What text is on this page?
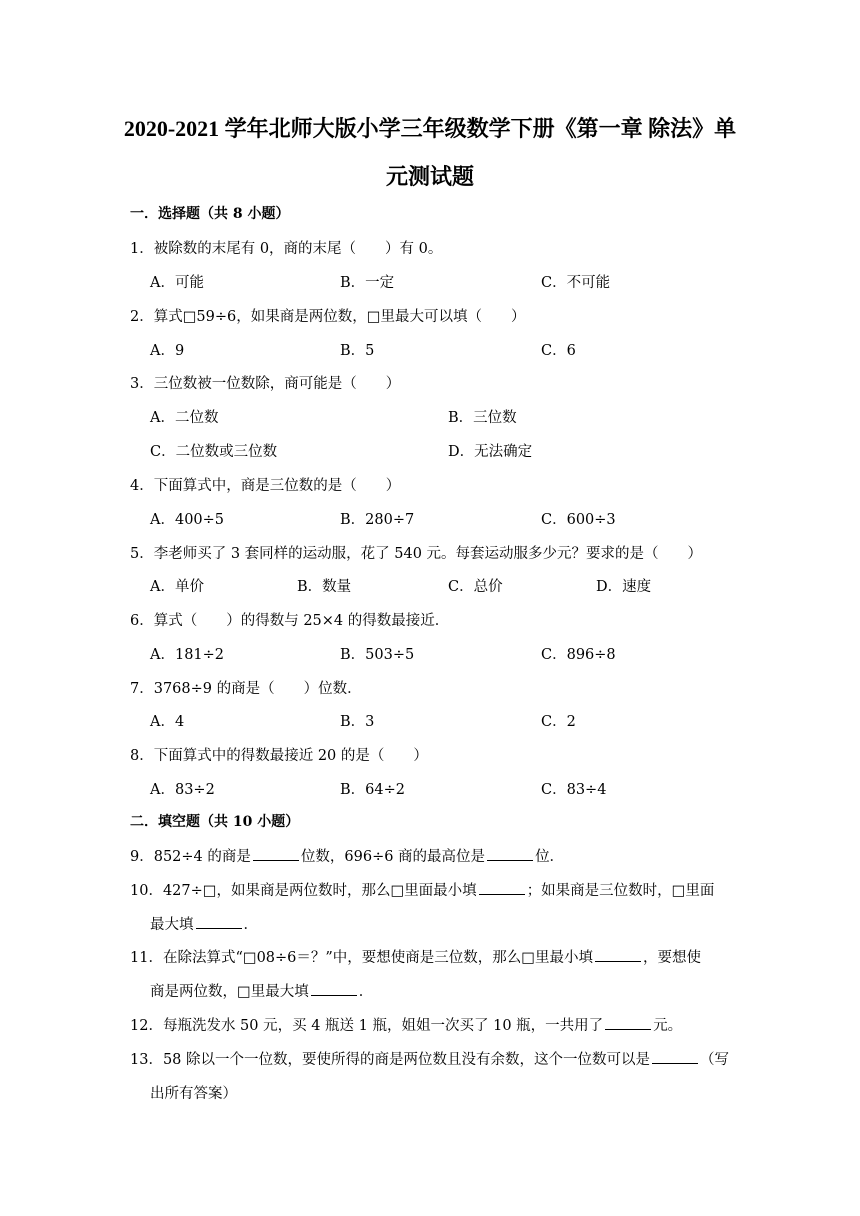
2020-2021 学年北师大版小学三年级数学下册《第一章 除法》单
元测试题
一．选择题（共 8 小题）
1．被除数的末尾有 0，商的末尾（　　）有 0。
A．可能	B．一定	C．不可能
2．算式□59÷6，如果商是两位数，□里最大可以填（　　）
A．9	B．5	C．6
3．三位数被一位数除，商可能是（　　）
A．二位数	B．三位数
C．二位数或三位数	D．无法确定
4．下面算式中，商是三位数的是（　　）
A．400÷5	B．280÷7	C．600÷3
5．李老师买了 3 套同样的运动服，花了 540 元。每套运动服多少元？要求的是（　　）
A．单价	B．数量	C．总价	D．速度
6．算式（　　）的得数与 25×4 的得数最接近．
A．181÷2	B．503÷5	C．896÷8
7．3768÷9 的商是（　　）位数．
A．4	B．3	C．2
8．下面算式中的得数最接近 20 的是（　　）
A．83÷2	B．64÷2	C．83÷4
二．填空题（共 10 小题）
9．852÷4 的商是	位数，696÷6 商的最高位是	位．
10．427÷□，如果商是两位数时，那么□里面最小填	；如果商是三位数时，□里面
最大填	．
11．在除法算式“□08÷6＝？”中，要想使商是三位数，那么□里最小填	，要想使
商是两位数，□里最大填	．
12．每瓶洗发水 50 元，买 4 瓶送 1 瓶，姐姐一次买了 10 瓶，一共用了	元。
13．58 除以一个一位数，要使所得的商是两位数且没有余数，这个一位数可以是	（写
出所有答案）
